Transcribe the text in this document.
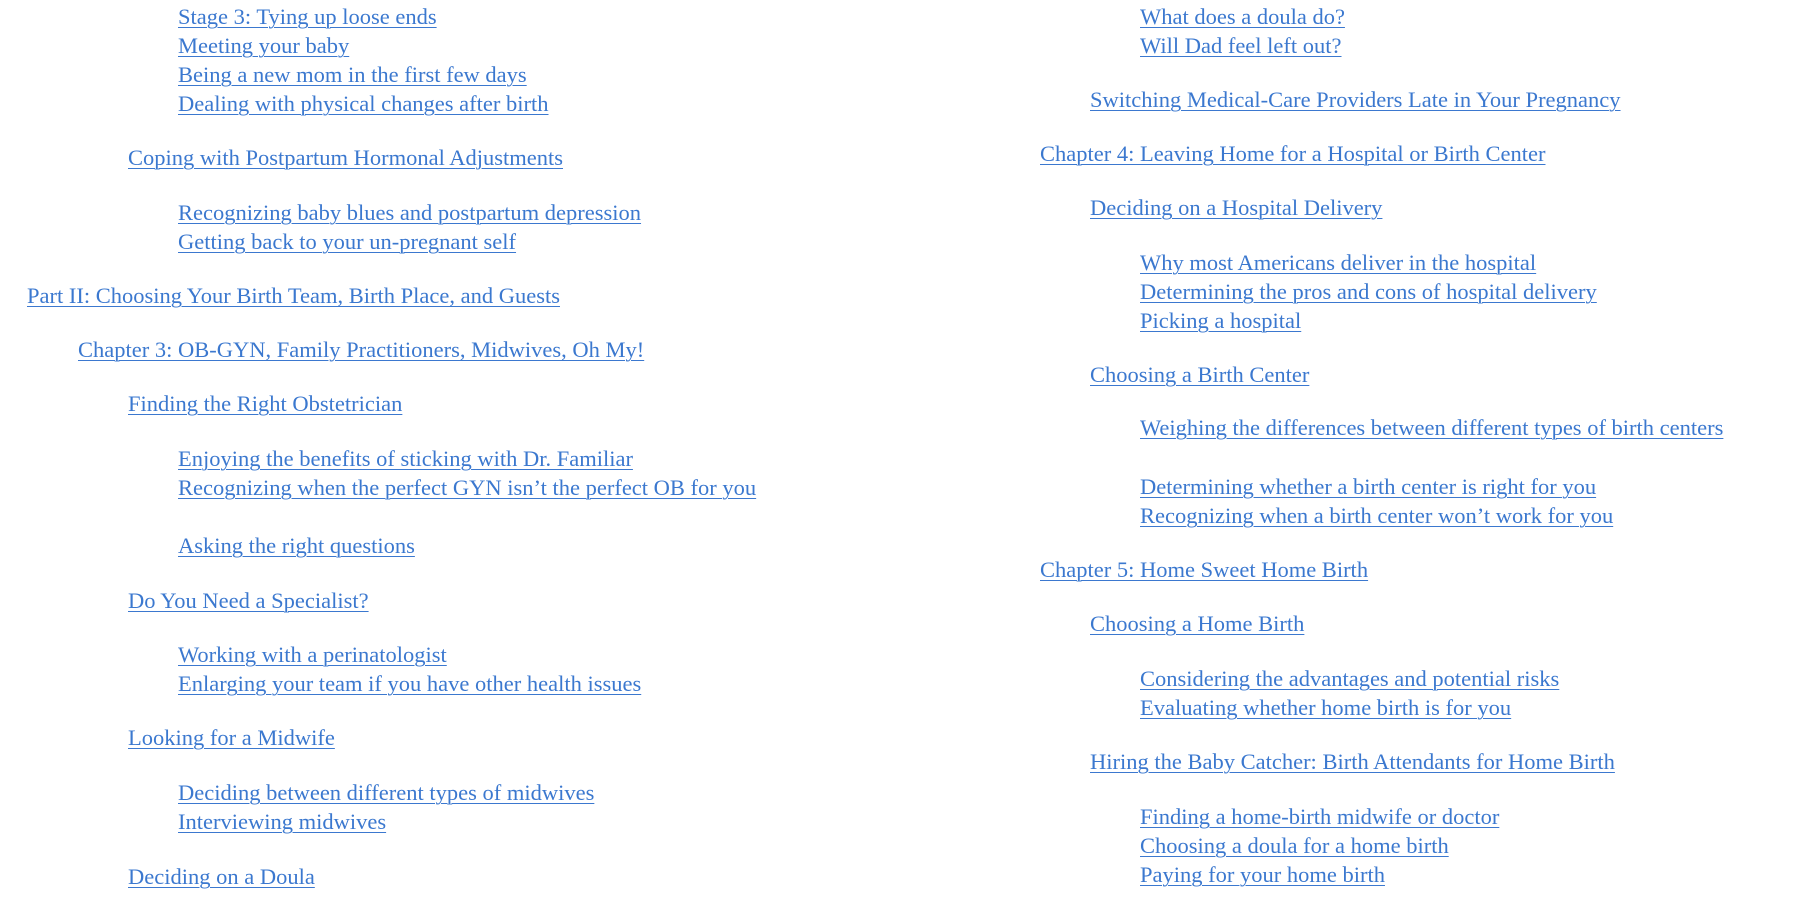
Stage 3: Tying up loose ends
Meeting your baby
Being a new mom in the first few days
Dealing with physical changes after birth
Coping with Postpartum Hormonal Adjustments
Recognizing baby blues and postpartum depression
Getting back to your un-pregnant self
Part II: Choosing Your Birth Team, Birth Place, and Guests
Chapter 3: OB-GYN, Family Practitioners, Midwives, Oh My!
Finding the Right Obstetrician
Enjoying the benefits of sticking with Dr. Familiar
Recognizing when the perfect GYN isn’t the perfect OB for you
Asking the right questions
Do You Need a Specialist?
Working with a perinatologist
Enlarging your team if you have other health issues
Looking for a Midwife
Deciding between different types of midwives
Interviewing midwives
Deciding on a Doula
What does a doula do?
Will Dad feel left out?
Switching Medical-Care Providers Late in Your Pregnancy
Chapter 4: Leaving Home for a Hospital or Birth Center
Deciding on a Hospital Delivery
Why most Americans deliver in the hospital
Determining the pros and cons of hospital delivery
Picking a hospital
Choosing a Birth Center
Weighing the differences between different types of birth centers
Determining whether a birth center is right for you
Recognizing when a birth center won’t work for you
Chapter 5: Home Sweet Home Birth
Choosing a Home Birth
Considering the advantages and potential risks
Evaluating whether home birth is for you
Hiring the Baby Catcher: Birth Attendants for Home Birth
Finding a home-birth midwife or doctor
Choosing a doula for a home birth
Paying for your home birth
